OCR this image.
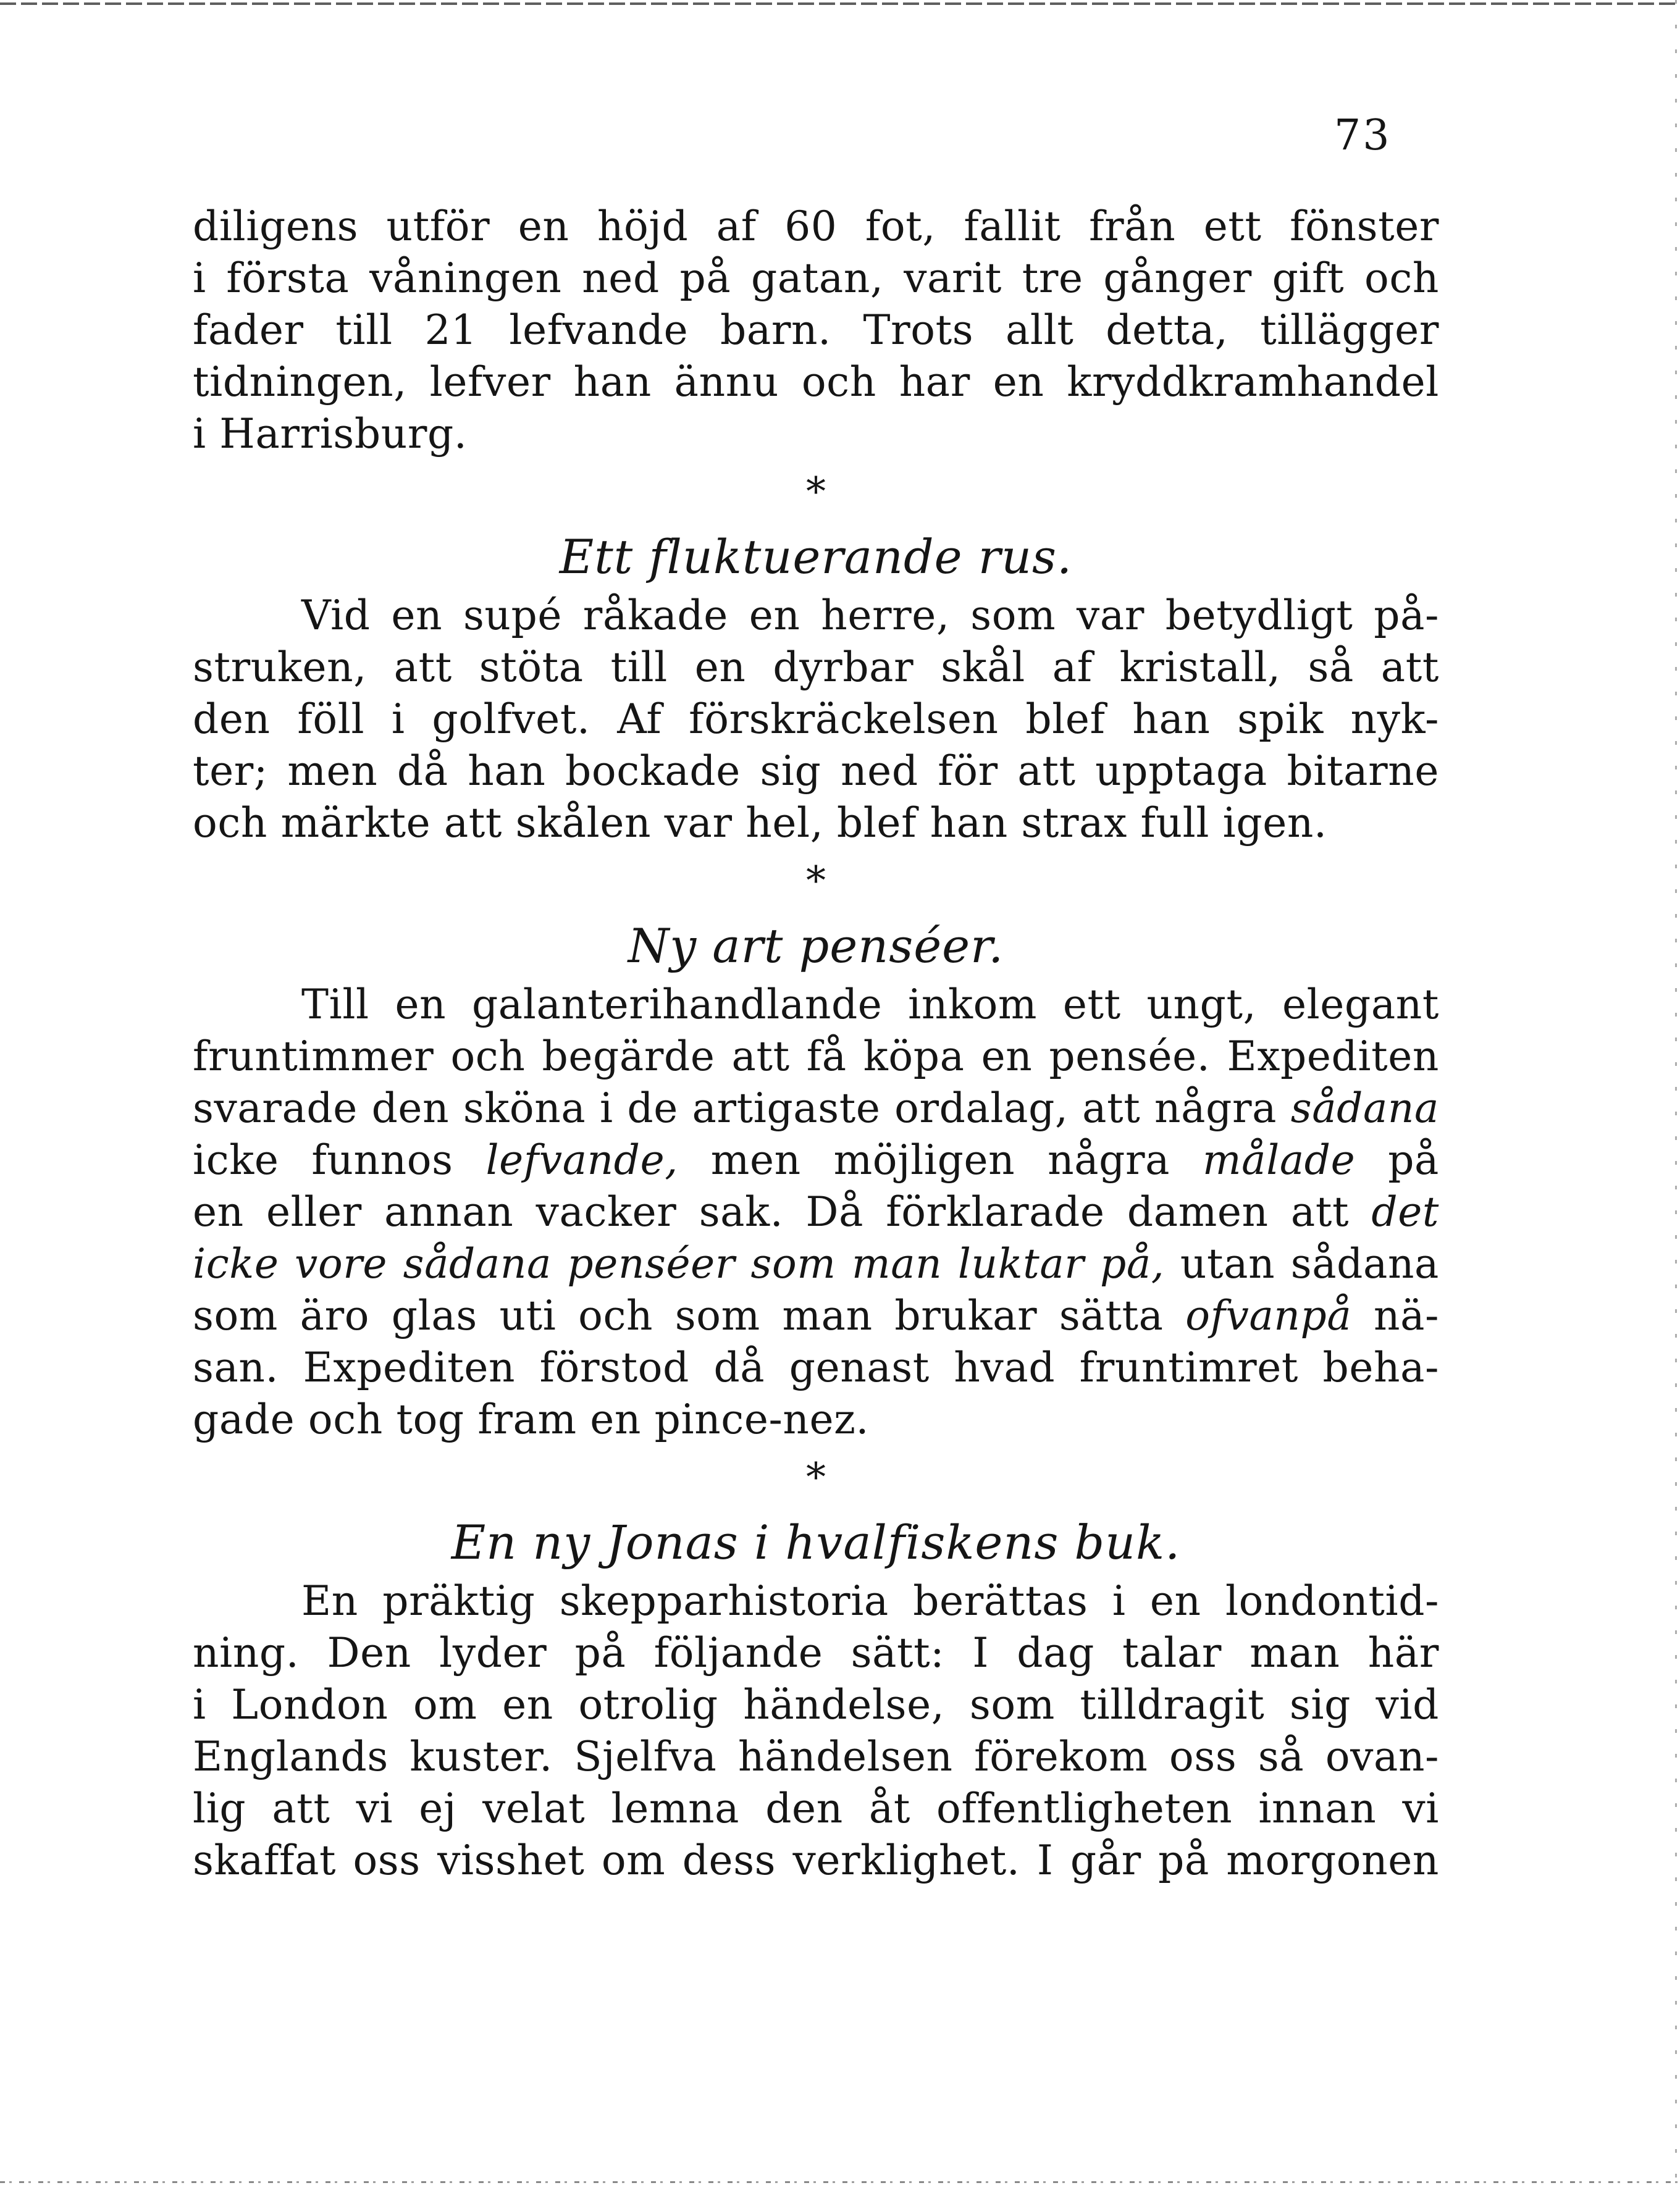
73
diligens utför en höjd af 60 fot, fallit från ett fönster
i första våningen ned på gatan, varit tre gånger gift och
fader till 21 lefvande barn. Trots allt detta, tillägger
tidningen, lefver han ännu och har en kryddkramhandel
i Harrisburg.
*
Ett fluktuerande rus.
Vid en supé råkade en herre, som var betydligt på-
struken, att stöta till en dyrbar skål af kristall, så att
den föll i golfvet. Af förskräckelsen blef han spik nyk-
ter; men då han bockade sig ned för att upptaga bitarne
och märkte att skålen var hel, blef han strax full igen.
*
Ny art penséer.
Till en galanterihandlande inkom ett ungt, elegant
fruntimmer och begärde att få köpa en pensée. Expediten
svarade den sköna i de artigaste ordalag, att några sådana
icke funnos lefvande, men möjligen några målade på
en eller annan vacker sak. Då förklarade damen att det
icke vore sådana penséer som man luktar på, utan sådana
som äro glas uti och som man brukar sätta ofvanpå nä-
san. Expediten förstod då genast hvad fruntimret beha-
gade och tog fram en pince-nez.
*
En ny Jonas i hvalfiskens buk.
En präktig skepparhistoria berättas i en londontid-
ning. Den lyder på följande sätt: I dag talar man här
i London om en otrolig händelse, som tilldragit sig vid
Englands kuster. Sjelfva händelsen förekom oss så ovan-
lig att vi ej velat lemna den åt offentligheten innan vi
skaffat oss visshet om dess verklighet. I går på morgonen
